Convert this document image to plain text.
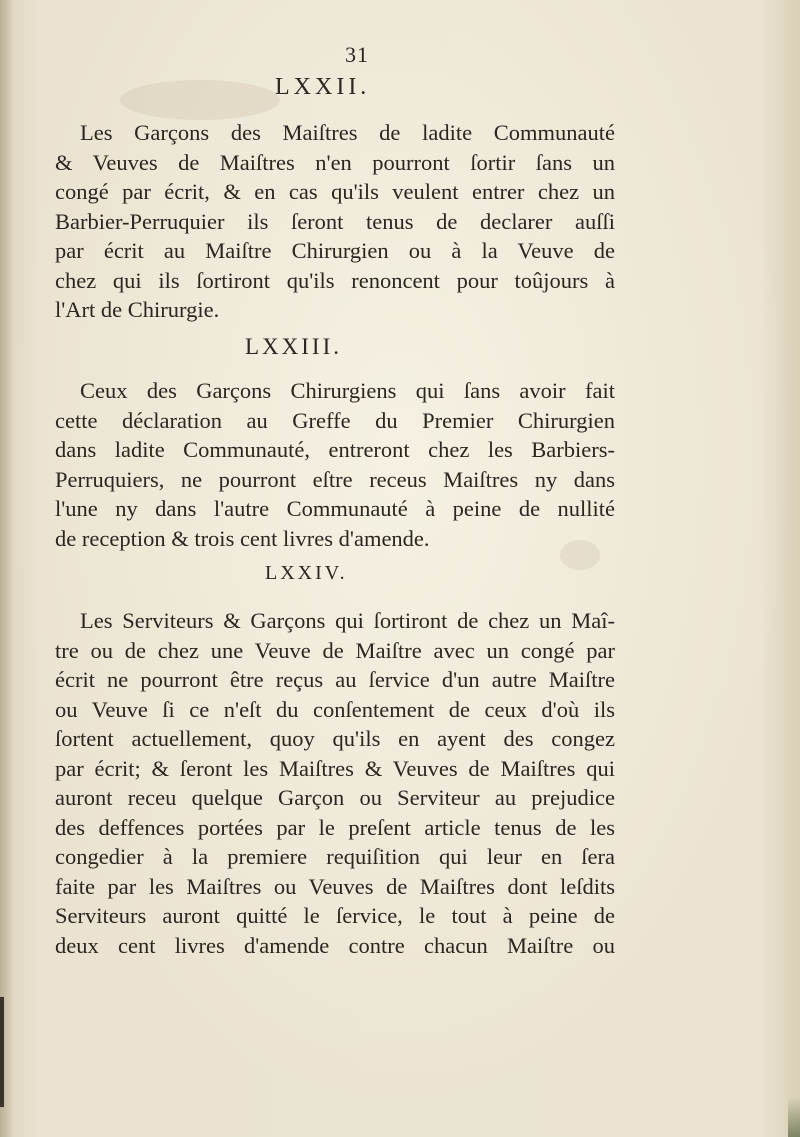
31
LXXII.
Les Garçons des Maiſtres de ladite Communauté
& Veuves de Maiſtres n'en pourront ſortir ſans un
congé par écrit, & en cas qu'ils veulent entrer chez un
Barbier-Perruquier ils ſeront tenus de declarer auſſi
par écrit au Maiſtre Chirurgien ou à la Veuve de
chez qui ils ſortiront qu'ils renoncent pour toûjours à
l'Art de Chirurgie.
LXXIII.
Ceux des Garçons Chirurgiens qui ſans avoir fait
cette déclaration au Greffe du Premier Chirurgien
dans ladite Communauté, entreront chez les Barbiers-
Perruquiers, ne pourront eſtre receus Maiſtres ny dans
l'une ny dans l'autre Communauté à peine de nullité
de reception & trois cent livres d'amende.
LXXIV.
Les Serviteurs & Garçons qui ſortiront de chez un Maî-
tre ou de chez une Veuve de Maiſtre avec un congé par
écrit ne pourront être reçus au ſervice d'un autre Maiſtre
ou Veuve ſi ce n'eſt du conſentement de ceux d'où ils
ſortent actuellement, quoy qu'ils en ayent des congez
par écrit; & ſeront les Maiſtres & Veuves de Maiſtres qui
auront receu quelque Garçon ou Serviteur au prejudice
des deffences portées par le preſent article tenus de les
congedier à la premiere requiſition qui leur en ſera
faite par les Maiſtres ou Veuves de Maiſtres dont leſdits
Serviteurs auront quitté le ſervice, le tout à peine de
deux cent livres d'amende contre chacun Maiſtre ou
